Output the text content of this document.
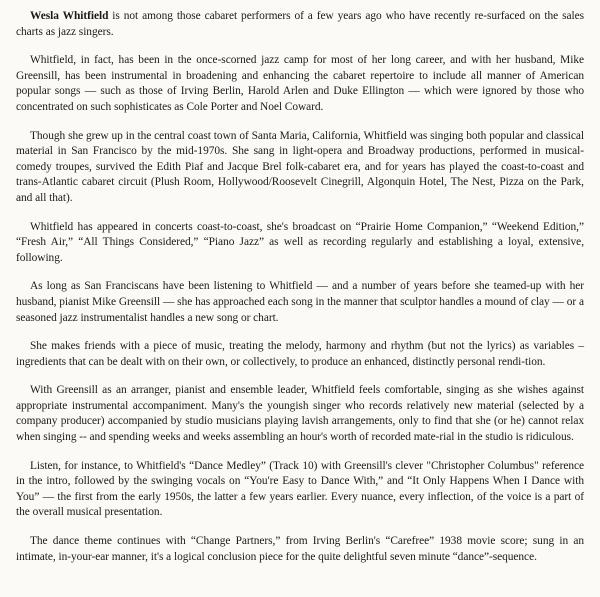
Wesla Whitfield is not among those cabaret performers of a few years ago who have recently re-surfaced on the sales charts as jazz singers.

Whitfield, in fact, has been in the once-scorned jazz camp for most of her long career, and with her husband, Mike Greensill, has been instrumental in broadening and enhancing the cabaret repertoire to include all manner of American popular songs — such as those of Irving Berlin, Harold Arlen and Duke Ellington — which were ignored by those who concentrated on such sophisticates as Cole Porter and Noel Coward.

Though she grew up in the central coast town of Santa Maria, California, Whitfield was singing both popular and classical material in San Francisco by the mid-1970s. She sang in light-opera and Broadway productions, performed in musical-comedy troupes, survived the Edith Piaf and Jacque Brel folk-cabaret era, and for years has played the coast-to-coast and trans-Atlantic cabaret circuit (Plush Room, Hollywood/Roosevelt Cinegrill, Algonquin Hotel, The Nest, Pizza on the Park, and all that).

Whitfield has appeared in concerts coast-to-coast, she's broadcast on “Prairie Home Companion,” “Weekend Edition,” “Fresh Air,” “All Things Considered,” “Piano Jazz” as well as recording regularly and establishing a loyal, extensive, following.

As long as San Franciscans have been listening to Whitfield — and a number of years before she teamed-up with her husband, pianist Mike Greensill — she has approached each song in the manner that sculptor handles a mound of clay — or a seasoned jazz instrumentalist handles a new song or chart.

She makes friends with a piece of music, treating the melody, harmony and rhythm (but not the lyrics) as variables –ingredients that can be dealt with on their own, or collectively, to produce an enhanced, distinctly personal rendi-tion.

With Greensill as an arranger, pianist and ensemble leader, Whitfield feels comfortable, singing as she wishes against appropriate instrumental accompaniment. Many's the youngish singer who records relatively new material (selected by a company producer) accompanied by studio musicians playing lavish arrangements, only to find that she (or he) cannot relax when singing -- and spending weeks and weeks assembling an hour's worth of recorded mate-rial in the studio is ridiculous.

Listen, for instance, to Whitfield's “Dance Medley” (Track 10) with Greensill's clever "Christopher Columbus" reference in the intro, followed by the swinging vocals on “You're Easy to Dance With,” and “It Only Happens When I Dance with You” — the first from the early 1950s, the latter a few years earlier. Every nuance, every inflection, of the voice is a part of the overall musical presentation.

The dance theme continues with “Change Partners,” from Irving Berlin's “Carefree” 1938 movie score; sung in an intimate, in-your-ear manner, it's a logical conclusion piece for the quite delightful seven minute “dance”-sequence.
